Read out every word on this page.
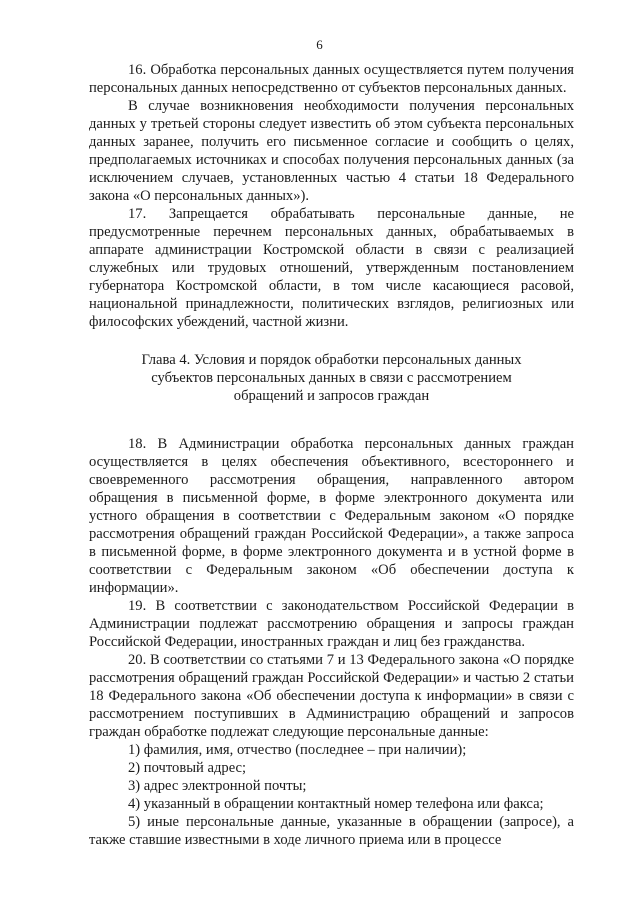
6

16. Обработка персональных данных осуществляется путем получения персональных данных непосредственно от субъектов персональных данных.

В случае возникновения необходимости получения персональных данных у третьей стороны следует известить об этом субъекта персональных данных заранее, получить его письменное согласие и сообщить о целях, предполагаемых источниках и способах получения персональных данных (за исключением случаев, установленных частью 4 статьи 18 Федерального закона «О персональных данных»).

17. Запрещается обрабатывать персональные данные, не предусмотренные перечнем персональных данных, обрабатываемых в аппарате администрации Костромской области в связи с реализацией служебных или трудовых отношений, утвержденным постановлением губернатора Костромской области, в том числе касающиеся расовой, национальной принадлежности, политических взглядов, религиозных или философских убеждений, частной жизни.

Глава 4. Условия и порядок обработки персональных данных
субъектов персональных данных в связи с рассмотрением
обращений и запросов граждан

18. В Администрации обработка персональных данных граждан осуществляется в целях обеспечения объективного, всестороннего и своевременного рассмотрения обращения, направленного автором обращения в письменной форме, в форме электронного документа или устного обращения в соответствии с Федеральным законом «О порядке рассмотрения обращений граждан Российской Федерации», а также запроса в письменной форме, в форме электронного документа и в устной форме в соответствии с Федеральным законом «Об обеспечении доступа к информации».

19. В соответствии с законодательством Российской Федерации в Администрации подлежат рассмотрению обращения и запросы граждан Российской Федерации, иностранных граждан и лиц без гражданства.

20. В соответствии со статьями 7 и 13 Федерального закона «О порядке рассмотрения обращений граждан Российской Федерации» и частью 2 статьи 18 Федерального закона «Об обеспечении доступа к информации» в связи с рассмотрением поступивших в Администрацию обращений и запросов граждан обработке подлежат следующие персональные данные:

1) фамилия, имя, отчество (последнее – при наличии);

2) почтовый адрес;

3) адрес электронной почты;

4) указанный в обращении контактный номер телефона или факса;

5) иные персональные данные, указанные в обращении (запросе), а также ставшие известными в ходе личного приема или в процессе
